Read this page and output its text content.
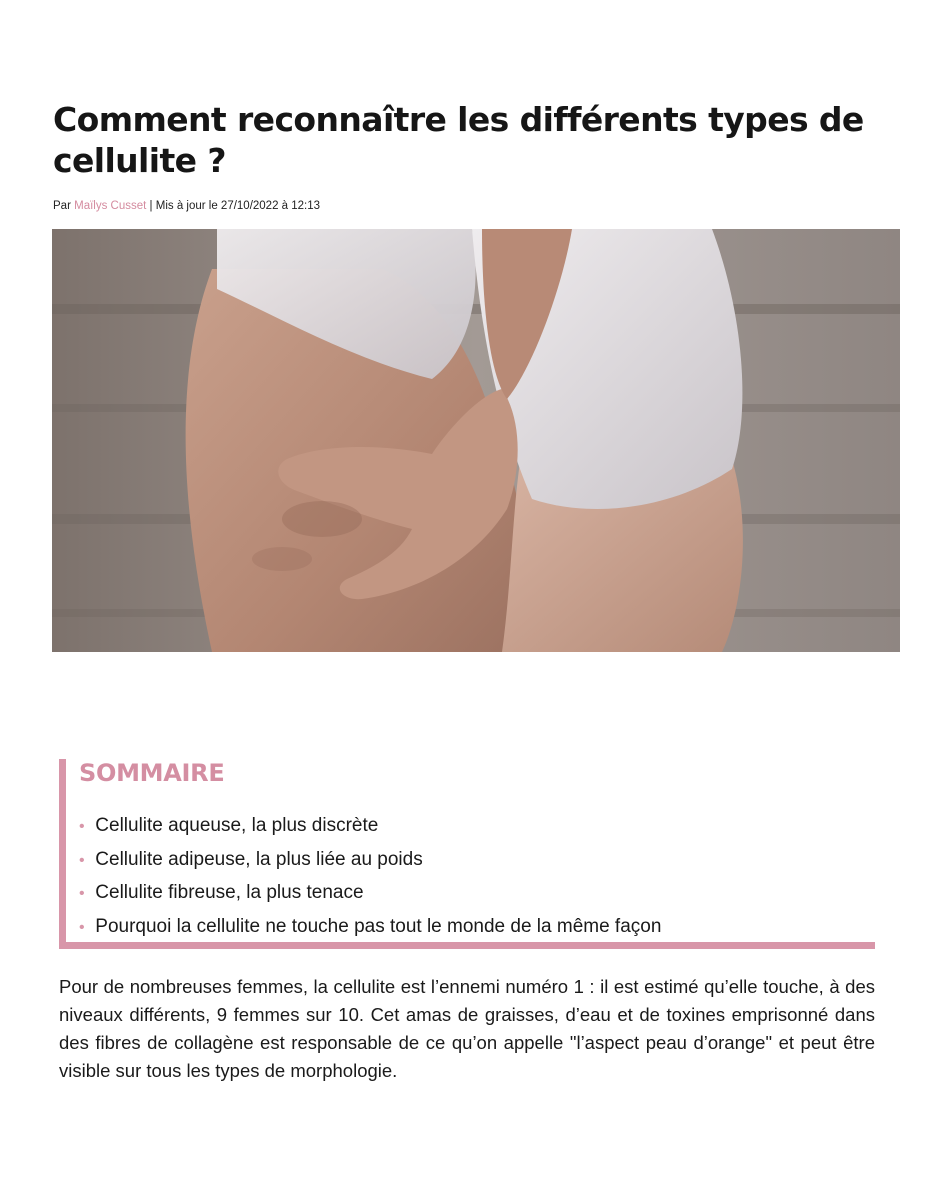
Comment reconnaître les différents types de cellulite ?
Par Maïlys Cusset | Mis à jour le 27/10/2022 à 12:13
SOMMAIRE
• Cellulite aqueuse, la plus discrète
• Cellulite adipeuse, la plus liée au poids
• Cellulite fibreuse, la plus tenace
• Pourquoi la cellulite ne touche pas tout le monde de la même façon

Pour de nombreuses femmes, la cellulite est l’ennemi numéro 1 : il est estimé qu’elle touche, à des niveaux différents, 9 femmes sur 10. Cet amas de graisses, d’eau et de toxines emprisonné dans des fibres de collagène est responsable de ce qu’on appelle "l’aspect peau d’orange" et peut être visible sur tous les types de morphologie.
